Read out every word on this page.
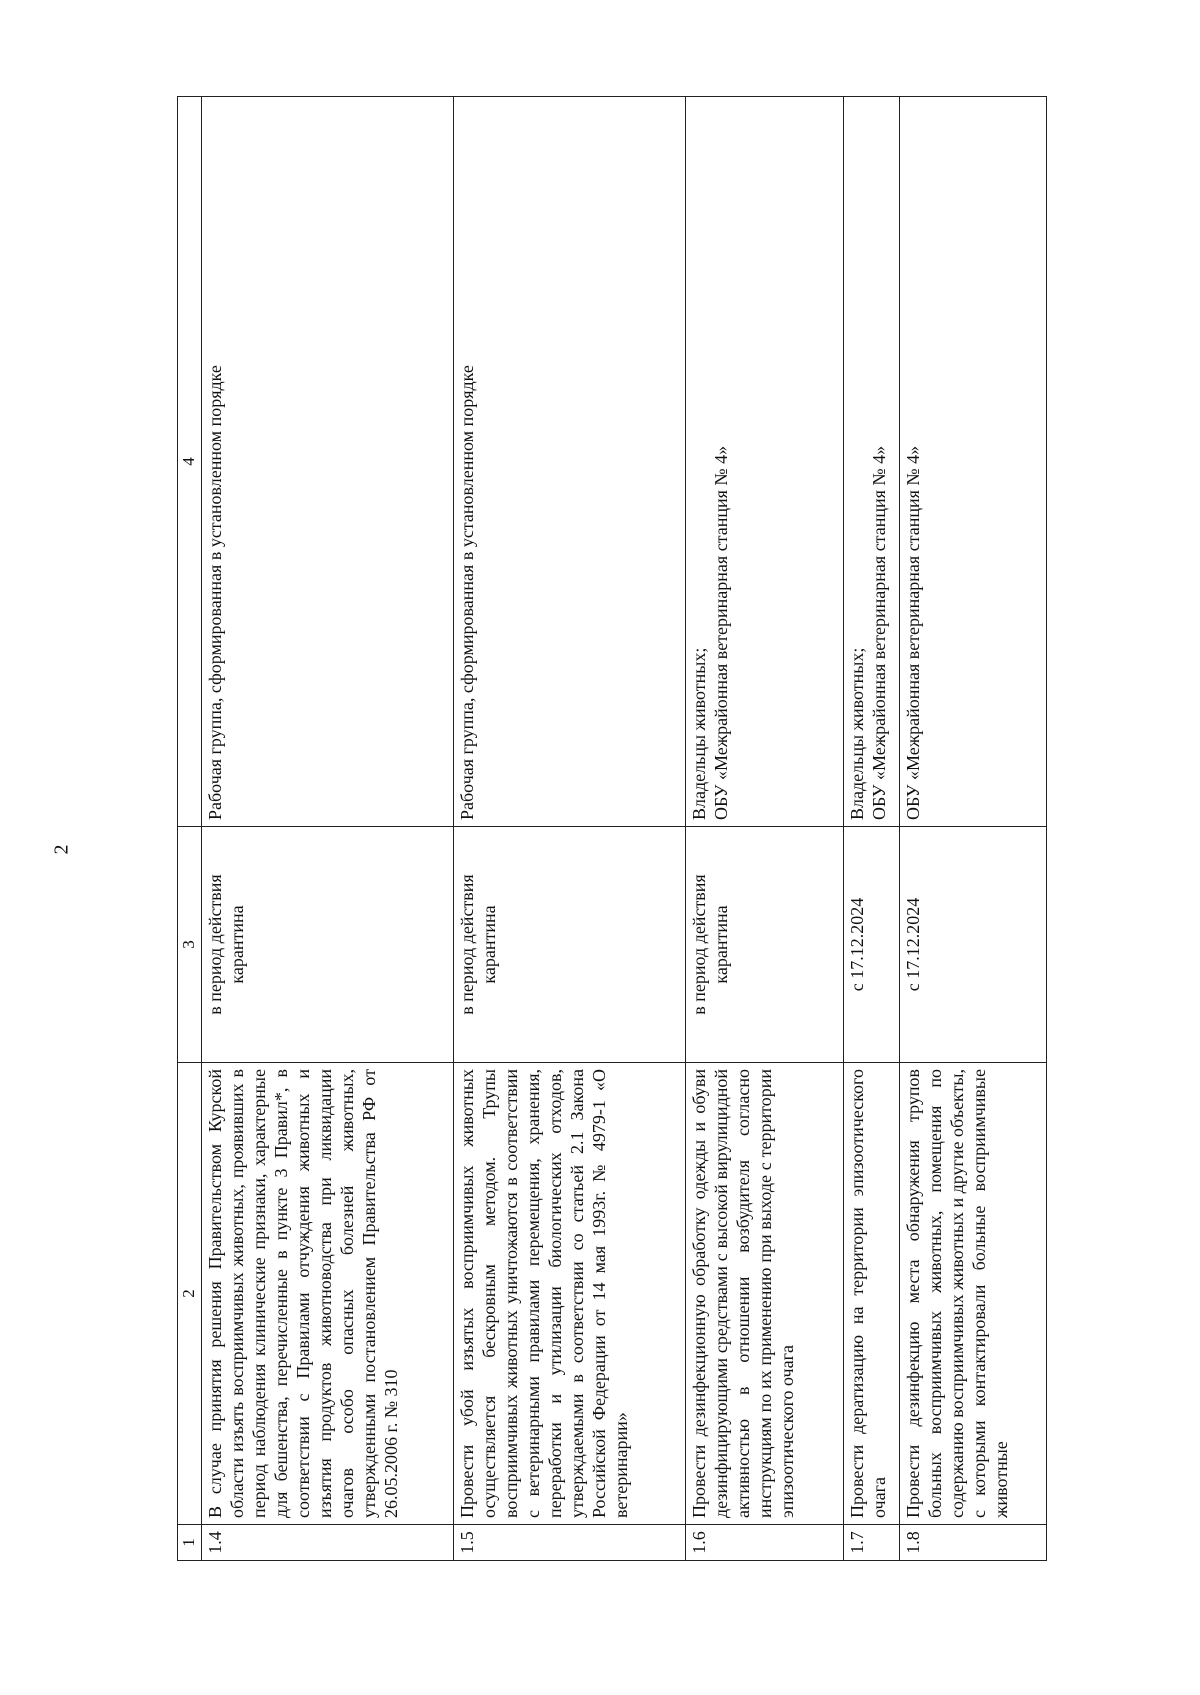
2
1	2	3	4
1.4	В случае принятия решения Правительством Курской области изъять восприимчивых животных, проявивших в период наблюдения клинические признаки, характерные для бешенства, перечисленные в пункте 3 Правил*, в соответствии с Правилами отчуждения животных и изъятия продуктов животноводства при ликвидации очагов особо опасных болезней животных, утвержденными постановлением Правительства РФ от 26.05.2006 г. № 310	в период действия карантина	Рабочая группа, сформированная в установленном порядке

1.5	Провести убой изъятых восприимчивых животных осуществляется бескровным методом. Трупы восприимчивых животных уничтожаются в соответствии с ветеринарными правилами перемещения, хранения, переработки и утилизации биологических отходов, утверждаемыми в соответствии со статьей 2.1 Закона Российской Федерации от 14 мая 1993г. № 4979-1 «О ветеринарии»	в период действия карантина	Рабочая группа, сформированная в установленном порядке

1.6	Провести дезинфекционную обработку одежды и обуви дезинфицирующими средствами с высокой вирулицидной активностью в отношении возбудителя согласно инструкциям по их применению при выходе с территории эпизоотического очага	в период действия карантина	Владельцы животных; ОБУ «Межрайонная ветеринарная станция № 4»

1.7	Провести дератизацию на территории эпизоотического очага	с 17.12.2024	Владельцы животных; ОБУ «Межрайонная ветеринарная станция № 4»

1.8	Провести дезинфекцию места обнаружения трупов больных восприимчивых животных, помещения по содержанию восприимчивых животных и другие объекты, с которыми контактировали больные восприимчивые животные	с 17.12.2024	ОБУ «Межрайонная ветеринарная станция № 4»
